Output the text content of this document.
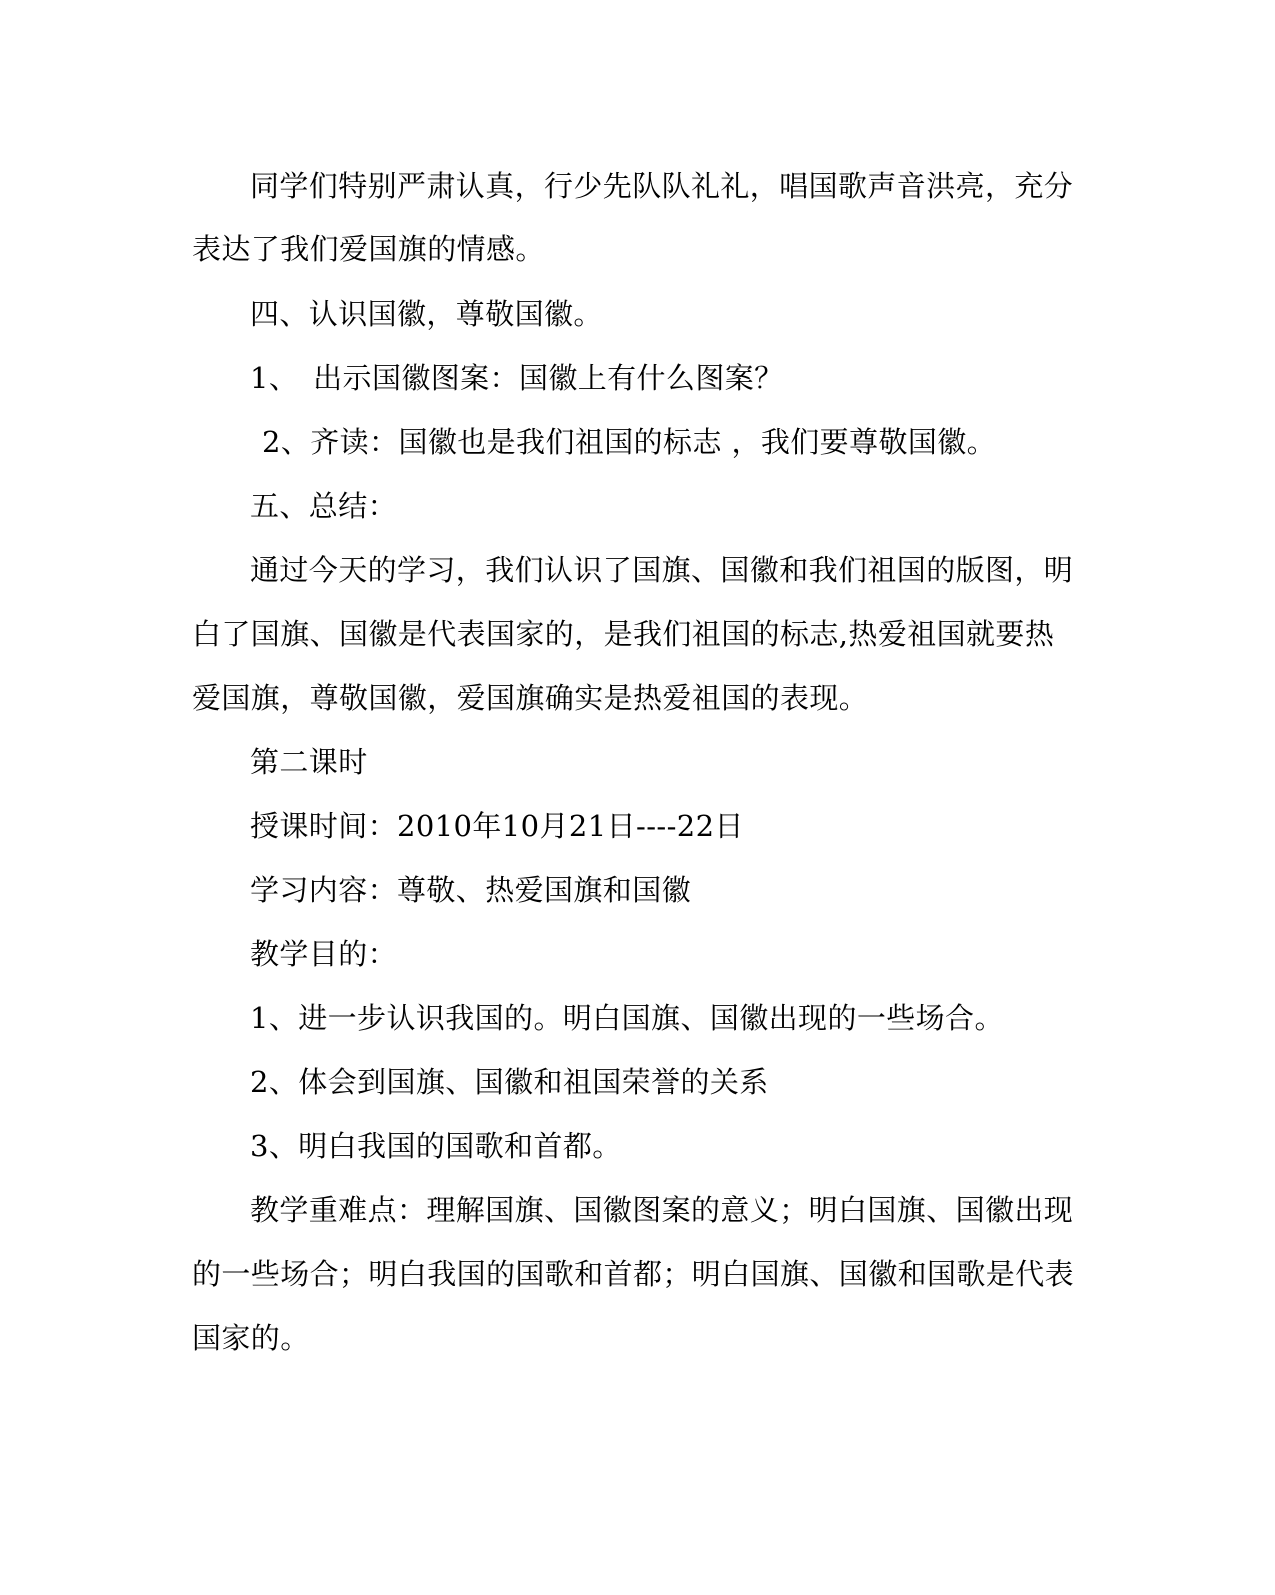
同学们特别严肃认真，行少先队队礼礼，唱国歌声音洪亮，充分
表达了我们爱国旗的情感。
四、认识国徽，尊敬国徽。
1、　出示国徽图案：国徽上有什么图案？
2、齐读：国徽也是我们祖国的标志 ，我们要尊敬国徽。
五、总结：
通过今天的学习，我们认识了国旗、国徽和我们祖国的版图，明
白了国旗、国徽是代表国家的，是我们祖国的标志,热爱祖国就要热
爱国旗，尊敬国徽，爱国旗确实是热爱祖国的表现。
第二课时
授课时间：2010年10月21日----22日
学习内容：尊敬、热爱国旗和国徽
教学目的：
1、进一步认识我国的。明白国旗、国徽出现的一些场合。
2、体会到国旗、国徽和祖国荣誉的关系
3、明白我国的国歌和首都。
教学重难点：理解国旗、国徽图案的意义；明白国旗、国徽出现
的一些场合；明白我国的国歌和首都；明白国旗、国徽和国歌是代表
国家的。
